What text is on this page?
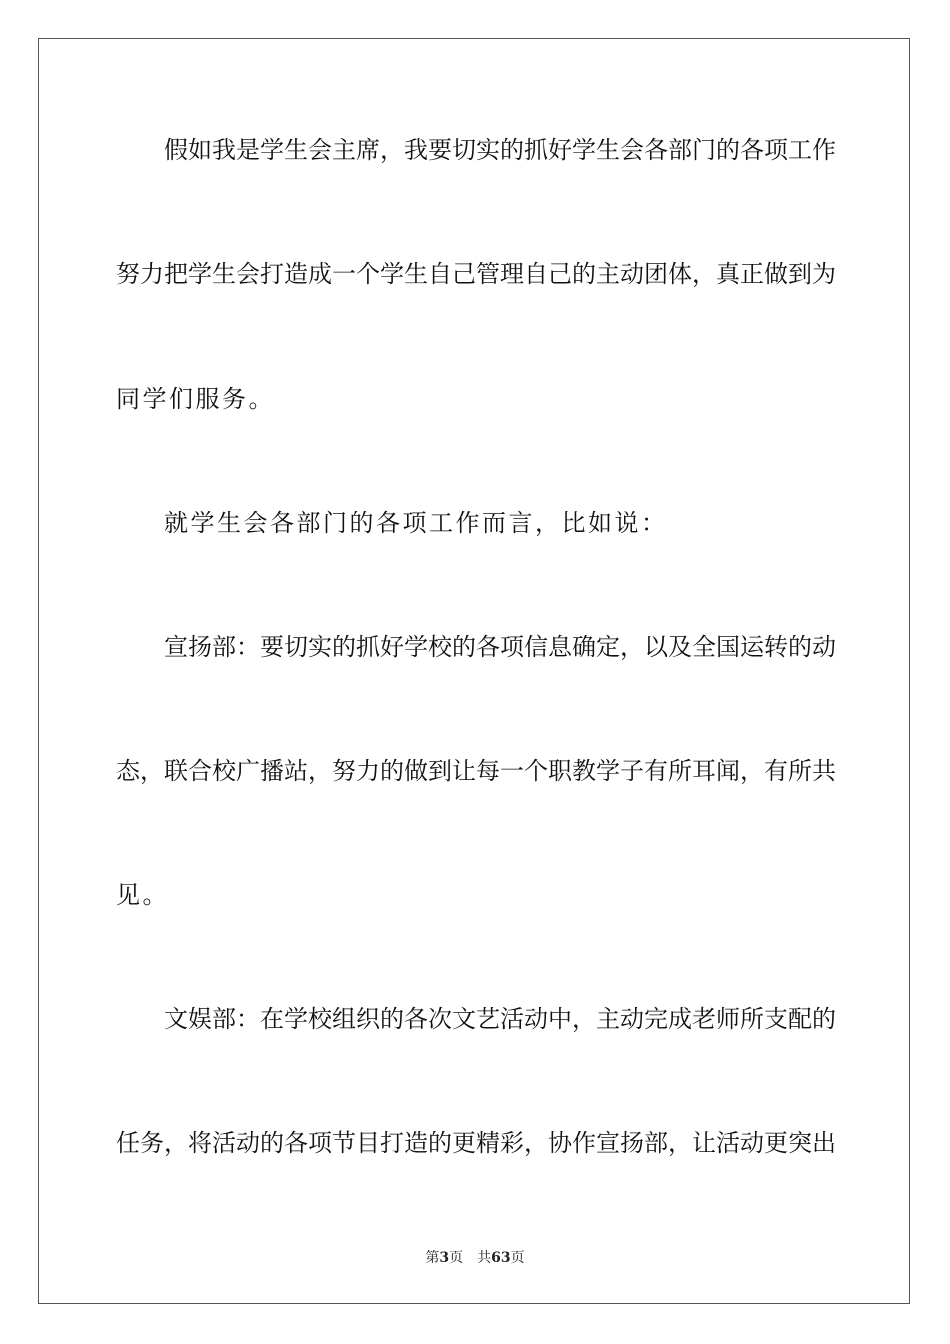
假如我是学生会主席，我要切实的抓好学生会各部门的各项工作
努力把学生会打造成一个学生自己管理自己的主动团体，真正做到为
同学们服务。
就学生会各部门的各项工作而言，比如说：
宣扬部：要切实的抓好学校的各项信息确定，以及全国运转的动
态，联合校广播站，努力的做到让每一个职教学子有所耳闻，有所共
见。
文娱部：在学校组织的各次文艺活动中，主动完成老师所支配的
任务，将活动的各项节目打造的更精彩，协作宣扬部，让活动更突出
第3页 共63页
